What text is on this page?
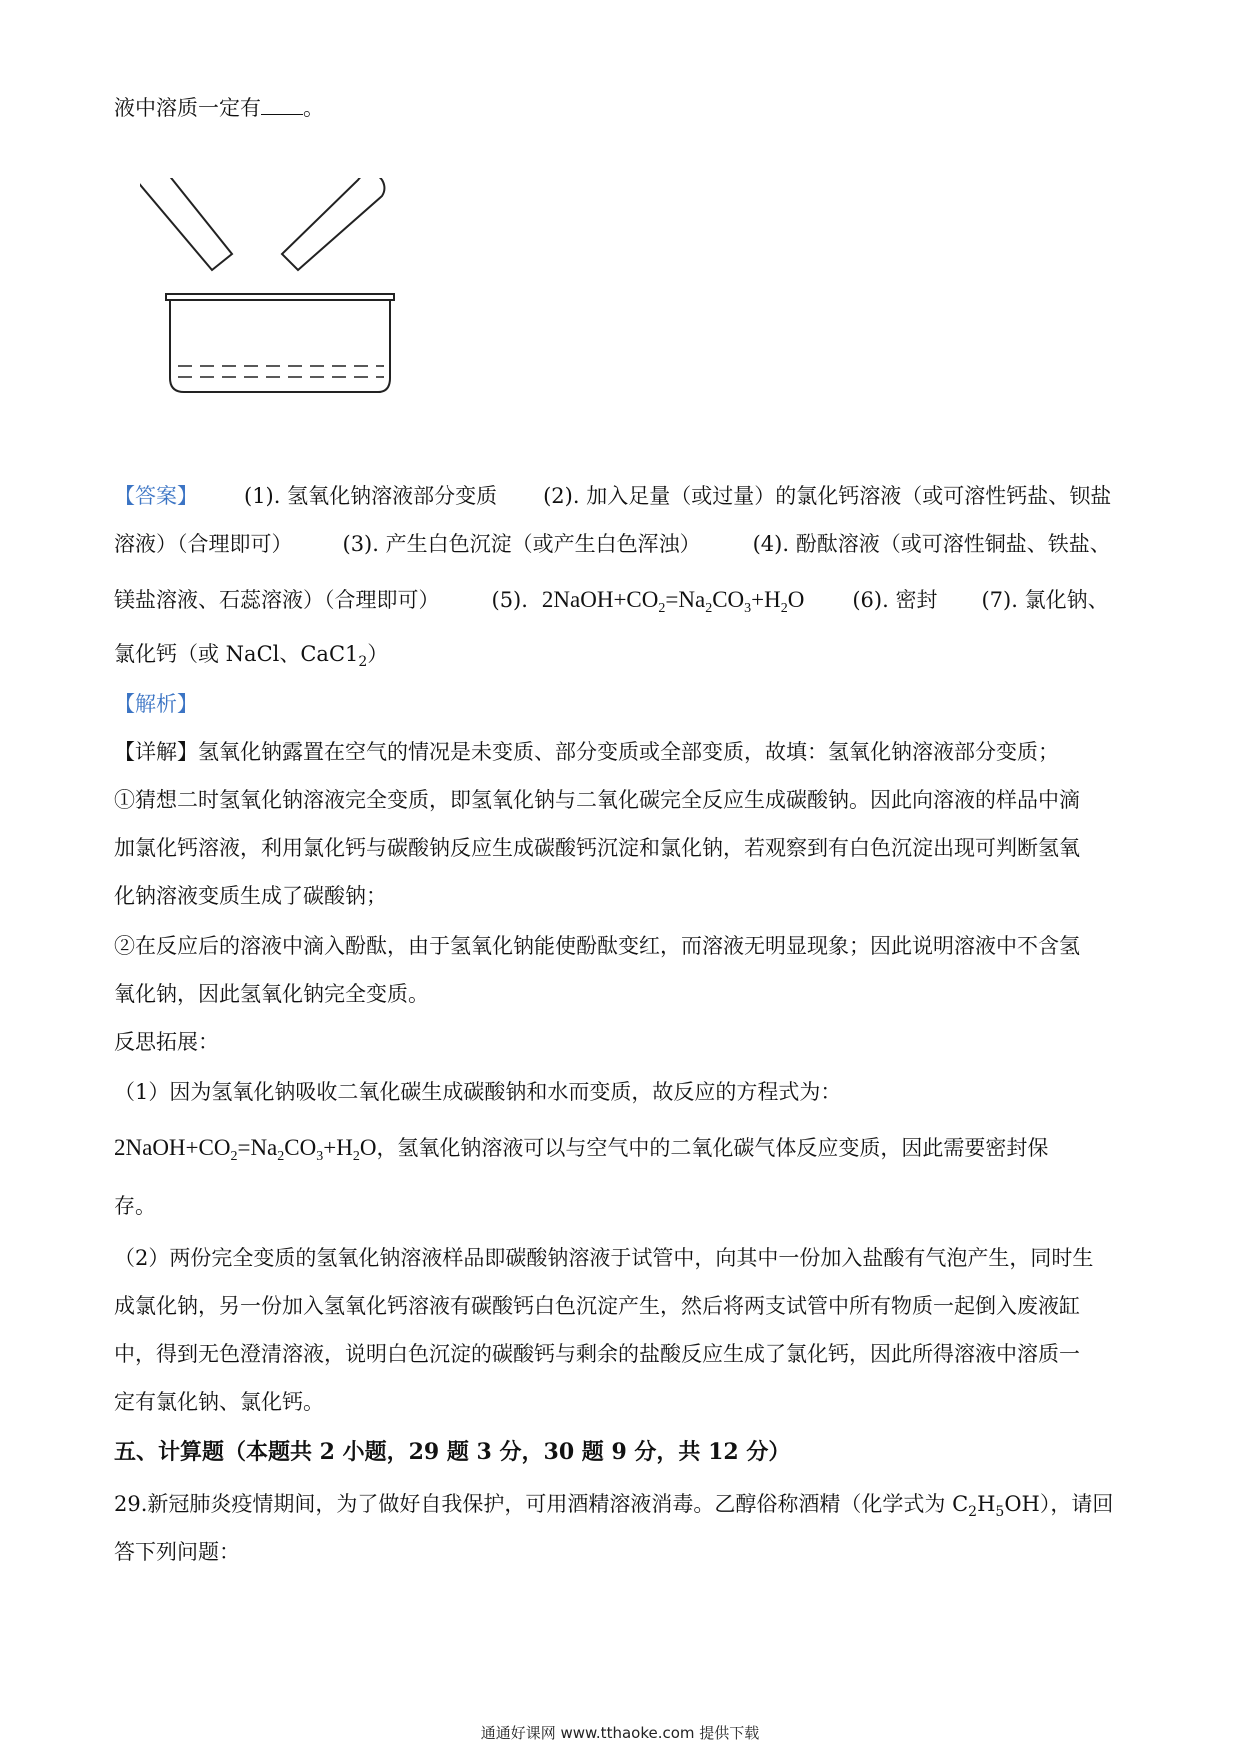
液中溶质一定有 。
【答案】 (1). 氢氧化钠溶液部分变质 (2). 加入足量（或过量）的氯化钙溶液（或可溶性钙盐、钡盐
溶液）（合理即可） (3). 产生白色沉淀（或产生白色浑浊） (4). 酚酞溶液（或可溶性铜盐、铁盐、
镁盐溶液、石蕊溶液）（合理即可） (5). $2NaOH+CO_2=Na_2CO_3+H_2O$ (6). 密封 (7). 氯化钠、
氯化钙（或 NaCl、$CaC1_2$）
【解析】
【详解】氢氧化钠露置在空气的情况是未变质、部分变质或全部变质，故填：氢氧化钠溶液部分变质；
①猜想二时氢氧化钠溶液完全变质，即氢氧化钠与二氧化碳完全反应生成碳酸钠。因此向溶液的样品中滴
加氯化钙溶液，利用氯化钙与碳酸钠反应生成碳酸钙沉淀和氯化钠，若观察到有白色沉淀出现可判断氢氧
化钠溶液变质生成了碳酸钠；
②在反应后的溶液中滴入酚酞，由于氢氧化钠能使酚酞变红，而溶液无明显现象；因此说明溶液中不含氢
氧化钠，因此氢氧化钠完全变质。
反思拓展：
（1）因为氢氧化钠吸收二氧化碳生成碳酸钠和水而变质，故反应的方程式为：
$2NaOH+CO_2=Na_2CO_3+H_2O$，氢氧化钠溶液可以与空气中的二氧化碳气体反应变质，因此需要密封保
存。
（2）两份完全变质的氢氧化钠溶液样品即碳酸钠溶液于试管中，向其中一份加入盐酸有气泡产生，同时生
成氯化钠，另一份加入氢氧化钙溶液有碳酸钙白色沉淀产生，然后将两支试管中所有物质一起倒入废液缸
中，得到无色澄清溶液，说明白色沉淀的碳酸钙与剩余的盐酸反应生成了氯化钙，因此所得溶液中溶质一
定有氯化钠、氯化钙。
五、计算题（本题共 2 小题，29 题 3 分，30 题 9 分，共 12 分）
29.新冠肺炎疫情期间，为了做好自我保护，可用酒精溶液消毒。乙醇俗称酒精（化学式为 $C_2H_5OH$），请回
答下列问题：
通通好课网 www.tthaoke.com 提供下载
